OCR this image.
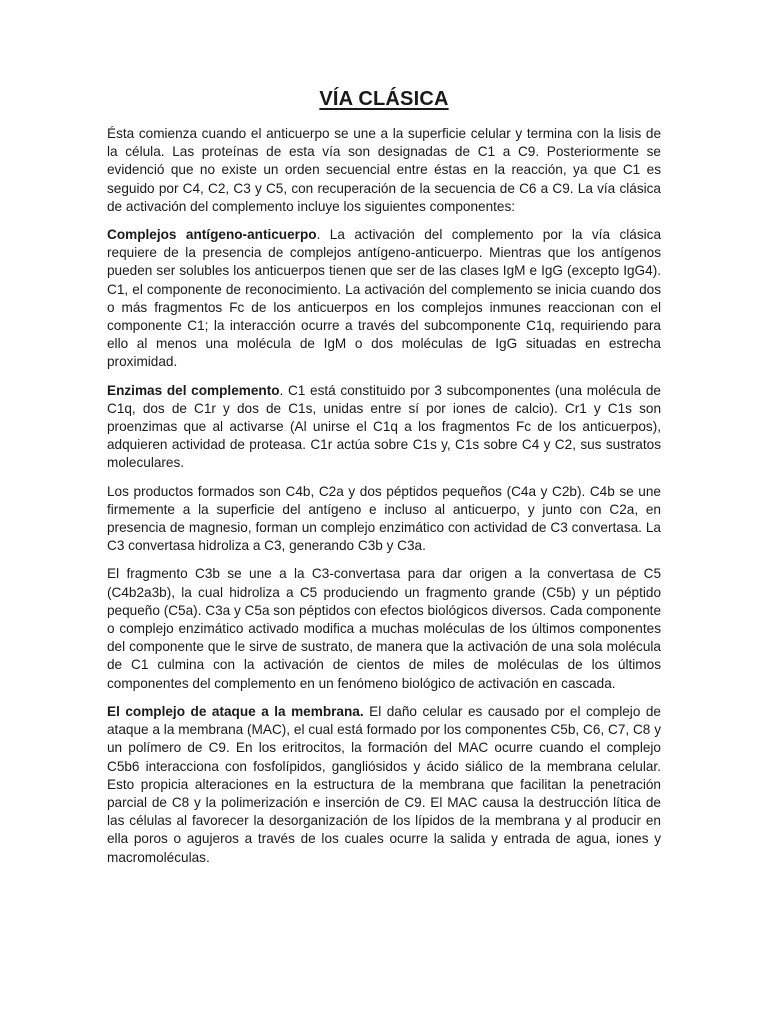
VÍA CLÁSICA

Ésta comienza cuando el anticuerpo se une a la superficie celular y termina con la lisis de la célula. Las proteínas de esta vía son designadas de C1 a C9. Posteriormente se evidenció que no existe un orden secuencial entre éstas en la reacción, ya que C1 es seguido por C4, C2, C3 y C5, con recuperación de la secuencia de C6 a C9. La vía clásica de activación del complemento incluye los siguientes componentes:

Complejos antígeno-anticuerpo. La activación del complemento por la vía clásica requiere de la presencia de complejos antígeno-anticuerpo. Mientras que los antígenos pueden ser solubles los anticuerpos tienen que ser de las clases IgM e IgG (excepto IgG4). C1, el componente de reconocimiento. La activación del complemento se inicia cuando dos o más fragmentos Fc de los anticuerpos en los complejos inmunes reaccionan con el componente C1; la interacción ocurre a través del subcomponente C1q, requiriendo para ello al menos una molécula de IgM o dos moléculas de IgG situadas en estrecha proximidad.

Enzimas del complemento. C1 está constituido por 3 subcomponentes (una molécula de C1q, dos de C1r y dos de C1s, unidas entre sí por iones de calcio). Cr1 y C1s son proenzimas que al activarse (Al unirse el C1q a los fragmentos Fc de los anticuerpos), adquieren actividad de proteasa. C1r actúa sobre C1s y, C1s sobre C4 y C2, sus sustratos moleculares.

Los productos formados son C4b, C2a y dos péptidos pequeños (C4a y C2b). C4b se une firmemente a la superficie del antígeno e incluso al anticuerpo, y junto con C2a, en presencia de magnesio, forman un complejo enzimático con actividad de C3 convertasa. La C3 convertasa hidroliza a C3, generando C3b y C3a.

El fragmento C3b se une a la C3-convertasa para dar origen a la convertasa de C5 (C4b2a3b), la cual hidroliza a C5 produciendo un fragmento grande (C5b) y un péptido pequeño (C5a). C3a y C5a son péptidos con efectos biológicos diversos. Cada componente o complejo enzimático activado modifica a muchas moléculas de los últimos componentes del componente que le sirve de sustrato, de manera que la activación de una sola molécula de C1 culmina con la activación de cientos de miles de moléculas de los últimos componentes del complemento en un fenómeno biológico de activación en cascada.

El complejo de ataque a la membrana. El daño celular es causado por el complejo de ataque a la membrana (MAC), el cual está formado por los componentes C5b, C6, C7, C8 y un polímero de C9. En los eritrocitos, la formación del MAC ocurre cuando el complejo C5b6 interacciona con fosfolípidos, gangliósidos y ácido siálico de la membrana celular. Esto propicia alteraciones en la estructura de la membrana que facilitan la penetración parcial de C8 y la polimerización e inserción de C9. El MAC causa la destrucción lítica de las células al favorecer la desorganización de los lípidos de la membrana y al producir en ella poros o agujeros a través de los cuales ocurre la salida y entrada de agua, iones y macromoléculas.
